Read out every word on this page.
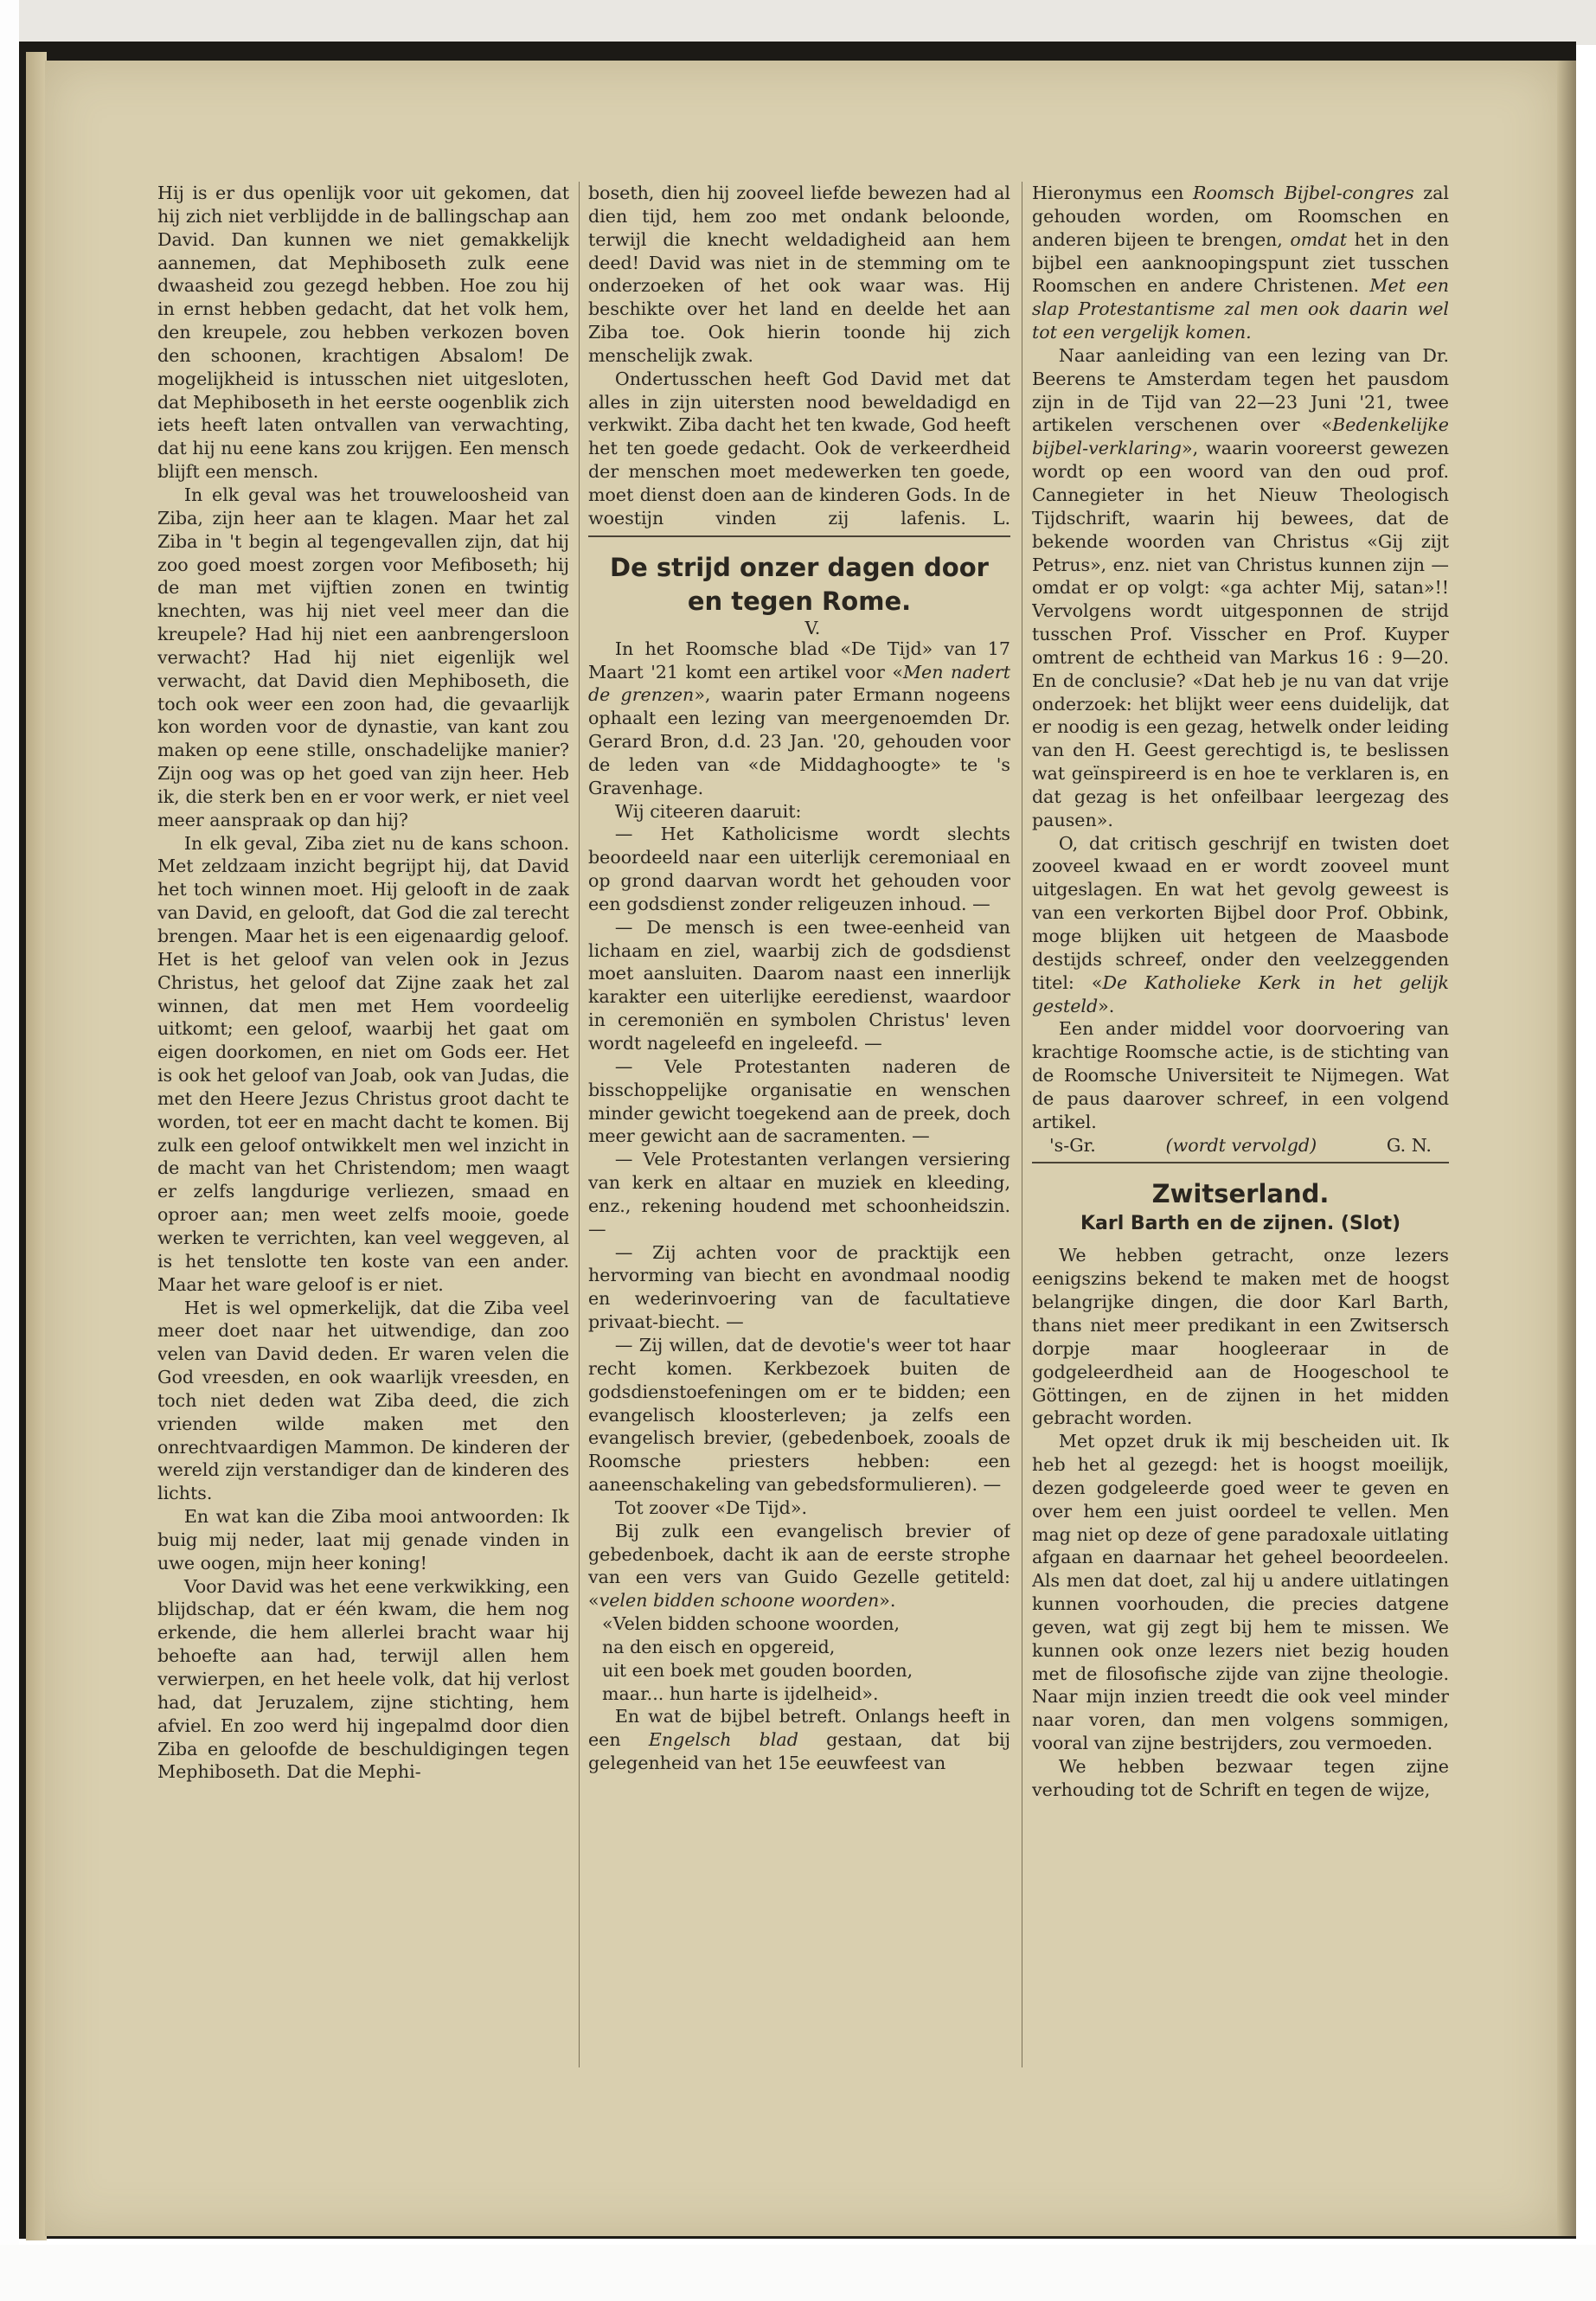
Hij is er dus openlijk voor uit gekomen, dat hij zich niet verblijdde in de ballingschap aan David. Dan kunnen we niet gemakkelijk aannemen, dat Mephiboseth zulk eene dwaasheid zou gezegd hebben. Hoe zou hij in ernst hebben gedacht, dat het volk hem, den kreupele, zou hebben verkozen boven den schoonen, krachtigen Absalom! De mogelijkheid is intusschen niet uitgesloten, dat Mephiboseth in het eerste oogenblik zich iets heeft laten ontvallen van verwachting, dat hij nu eene kans zou krijgen. Een mensch blijft een mensch.

In elk geval was het trouweloosheid van Ziba, zijn heer aan te klagen. Maar het zal Ziba in 't begin al tegengevallen zijn, dat hij zoo goed moest zorgen voor Mefiboseth; hij de man met vijftien zonen en twintig knechten, was hij niet veel meer dan die kreupele? Had hij niet een aanbrengersloon verwacht? Had hij niet eigenlijk wel verwacht, dat David dien Mephiboseth, die toch ook weer een zoon had, die gevaarlijk kon worden voor de dynastie, van kant zou maken op eene stille, onschadelijke manier? Zijn oog was op het goed van zijn heer. Heb ik, die sterk ben en er voor werk, er niet veel meer aanspraak op dan hij?

In elk geval, Ziba ziet nu de kans schoon. Met zeldzaam inzicht begrijpt hij, dat David het toch winnen moet. Hij gelooft in de zaak van David, en gelooft, dat God die zal terecht brengen. Maar het is een eigenaardig geloof. Het is het geloof van velen ook in Jezus Christus, het geloof dat Zijne zaak het zal winnen, dat men met Hem voordeelig uitkomt; een geloof, waarbij het gaat om eigen doorkomen, en niet om Gods eer. Het is ook het geloof van Joab, ook van Judas, die met den Heere Jezus Christus groot dacht te worden, tot eer en macht dacht te komen. Bij zulk een geloof ontwikkelt men wel inzicht in de macht van het Christendom; men waagt er zelfs langdurige verliezen, smaad en oproer aan; men weet zelfs mooie, goede werken te verrichten, kan veel weggeven, al is het tenslotte ten koste van een ander. Maar het ware geloof is er niet.

Het is wel opmerkelijk, dat die Ziba veel meer doet naar het uitwendige, dan zoo velen van David deden. Er waren velen die God vreesden, en ook waarlijk vreesden, en toch niet deden wat Ziba deed, die zich vrienden wilde maken met den onrechtvaardigen Mammon. De kinderen der wereld zijn verstandiger dan de kinderen des lichts.

En wat kan die Ziba mooi antwoorden: Ik buig mij neder, laat mij genade vinden in uwe oogen, mijn heer koning!

Voor David was het eene verkwikking, een blijdschap, dat er één kwam, die hem nog erkende, die hem allerlei bracht waar hij behoefte aan had, terwijl allen hem verwierpen, en het heele volk, dat hij verlost had, dat Jeruzalem, zijne stichting, hem afviel. En zoo werd hij ingepalmd door dien Ziba en geloofde de beschuldigingen tegen Mephiboseth. Dat die Mephi-

boseth, dien hij zooveel liefde bewezen had al dien tijd, hem zoo met ondank beloonde, terwijl die knecht weldadigheid aan hem deed! David was niet in de stemming om te onderzoeken of het ook waar was. Hij beschikte over het land en deelde het aan Ziba toe. Ook hierin toonde hij zich menschelijk zwak.

Ondertusschen heeft God David met dat alles in zijn uitersten nood beweldadigd en verkwikt. Ziba dacht het ten kwade, God heeft het ten goede gedacht. Ook de verkeerdheid der menschen moet medewerken ten goede, moet dienst doen aan de kinderen Gods. In de woestijn vinden zij lafenis.	L.

De strijd onzer dagen door
en tegen Rome.

V.

In het Roomsche blad «De Tijd» van 17 Maart '21 komt een artikel voor «Men nadert de grenzen», waarin pater Ermann nogeens ophaalt een lezing van meergenoemden Dr. Gerard Bron, d.d. 23 Jan. '20, gehouden voor de leden van «de Middaghoogte» te 's Gravenhage.

Wij citeeren daaruit:

— Het Katholicisme wordt slechts beoordeeld naar een uiterlijk ceremoniaal en op grond daarvan wordt het gehouden voor een godsdienst zonder religeuzen inhoud. —

— De mensch is een twee-eenheid van lichaam en ziel, waarbij zich de godsdienst moet aansluiten. Daarom naast een innerlijk karakter een uiterlijke eeredienst, waardoor in ceremoniën en symbolen Christus' leven wordt nageleefd en ingeleefd. —

— Vele Protestanten naderen de bisschoppelijke organisatie en wenschen minder gewicht toegekend aan de preek, doch meer gewicht aan de sacramenten. —

— Vele Protestanten verlangen versiering van kerk en altaar en muziek en kleeding, enz., rekening houdend met schoonheidszin. —

— Zij achten voor de pracktijk een hervorming van biecht en avondmaal noodig en wederinvoering van de facultatieve privaat-biecht. —

— Zij willen, dat de devotie's weer tot haar recht komen. Kerkbezoek buiten de godsdienstoefeningen om er te bidden; een evangelisch kloosterleven; ja zelfs een evangelisch brevier, (gebedenboek, zooals de Roomsche priesters hebben: een aaneenschakeling van gebedsformulieren). —

Tot zoover «De Tijd».

Bij zulk een evangelisch brevier of gebedenboek, dacht ik aan de eerste strophe van een vers van Guido Gezelle getiteld: «velen bidden schoone woorden».

«Velen bidden schoone woorden,

na den eisch en opgereid,

uit een boek met gouden boorden,

maar... hun harte is ijdelheid».

En wat de bijbel betreft. Onlangs heeft in een Engelsch blad gestaan, dat bij gelegenheid van het 15e eeuwfeest van

Hieronymus een Roomsch Bijbel-congres zal gehouden worden, om Roomschen en anderen bijeen te brengen, omdat het in den bijbel een aanknoopingspunt ziet tusschen Roomschen en andere Christenen. Met een slap Protestantisme zal men ook daarin wel tot een vergelijk komen.

Naar aanleiding van een lezing van Dr. Beerens te Amsterdam tegen het pausdom zijn in de Tijd van 22—23 Juni '21, twee artikelen verschenen over «Bedenkelijke bijbel-verklaring», waarin vooreerst gewezen wordt op een woord van den oud prof. Cannegieter in het Nieuw Theologisch Tijdschrift, waarin hij bewees, dat de bekende woorden van Christus «Gij zijt Petrus», enz. niet van Christus kunnen zijn — omdat er op volgt: «ga achter Mij, satan»!! Vervolgens wordt uitgesponnen de strijd tusschen Prof. Visscher en Prof. Kuyper omtrent de echtheid van Markus 16 : 9—20. En de conclusie? «Dat heb je nu van dat vrije onderzoek: het blijkt weer eens duidelijk, dat er noodig is een gezag, hetwelk onder leiding van den H. Geest gerechtigd is, te beslissen wat geïnspireerd is en hoe te verklaren is, en dat gezag is het onfeilbaar leergezag des pausen».

O, dat critisch geschrijf en twisten doet zooveel kwaad en er wordt zooveel munt uitgeslagen. En wat het gevolg geweest is van een verkorten Bijbel door Prof. Obbink, moge blijken uit hetgeen de Maasbode destijds schreef, onder den veelzeggenden titel: «De Katholieke Kerk in het gelijk gesteld».

Een ander middel voor doorvoering van krachtige Roomsche actie, is de stichting van de Roomsche Universiteit te Nijmegen. Wat de paus daarover schreef, in een volgend artikel.

's-Gr.	(wordt vervolgd)	G. N.
Zwitserland.
Karl Barth en de zijnen. (Slot)

We hebben getracht, onze lezers eenigszins bekend te maken met de hoogst belangrijke dingen, die door Karl Barth, thans niet meer predikant in een Zwitsersch dorpje maar hoogleeraar in de godgeleerdheid aan de Hoogeschool te Göttingen, en de zijnen in het midden gebracht worden.

Met opzet druk ik mij bescheiden uit. Ik heb het al gezegd: het is hoogst moeilijk, dezen godgeleerde goed weer te geven en over hem een juist oordeel te vellen. Men mag niet op deze of gene paradoxale uitlating afgaan en daarnaar het geheel beoordeelen. Als men dat doet, zal hij u andere uitlatingen kunnen voorhouden, die precies datgene geven, wat gij zegt bij hem te missen. We kunnen ook onze lezers niet bezig houden met de filosofische zijde van zijne theologie. Naar mijn inzien treedt die ook veel minder naar voren, dan men volgens sommigen, vooral van zijne bestrijders, zou vermoeden.

We hebben bezwaar tegen zijne verhouding tot de Schrift en tegen de wijze,
